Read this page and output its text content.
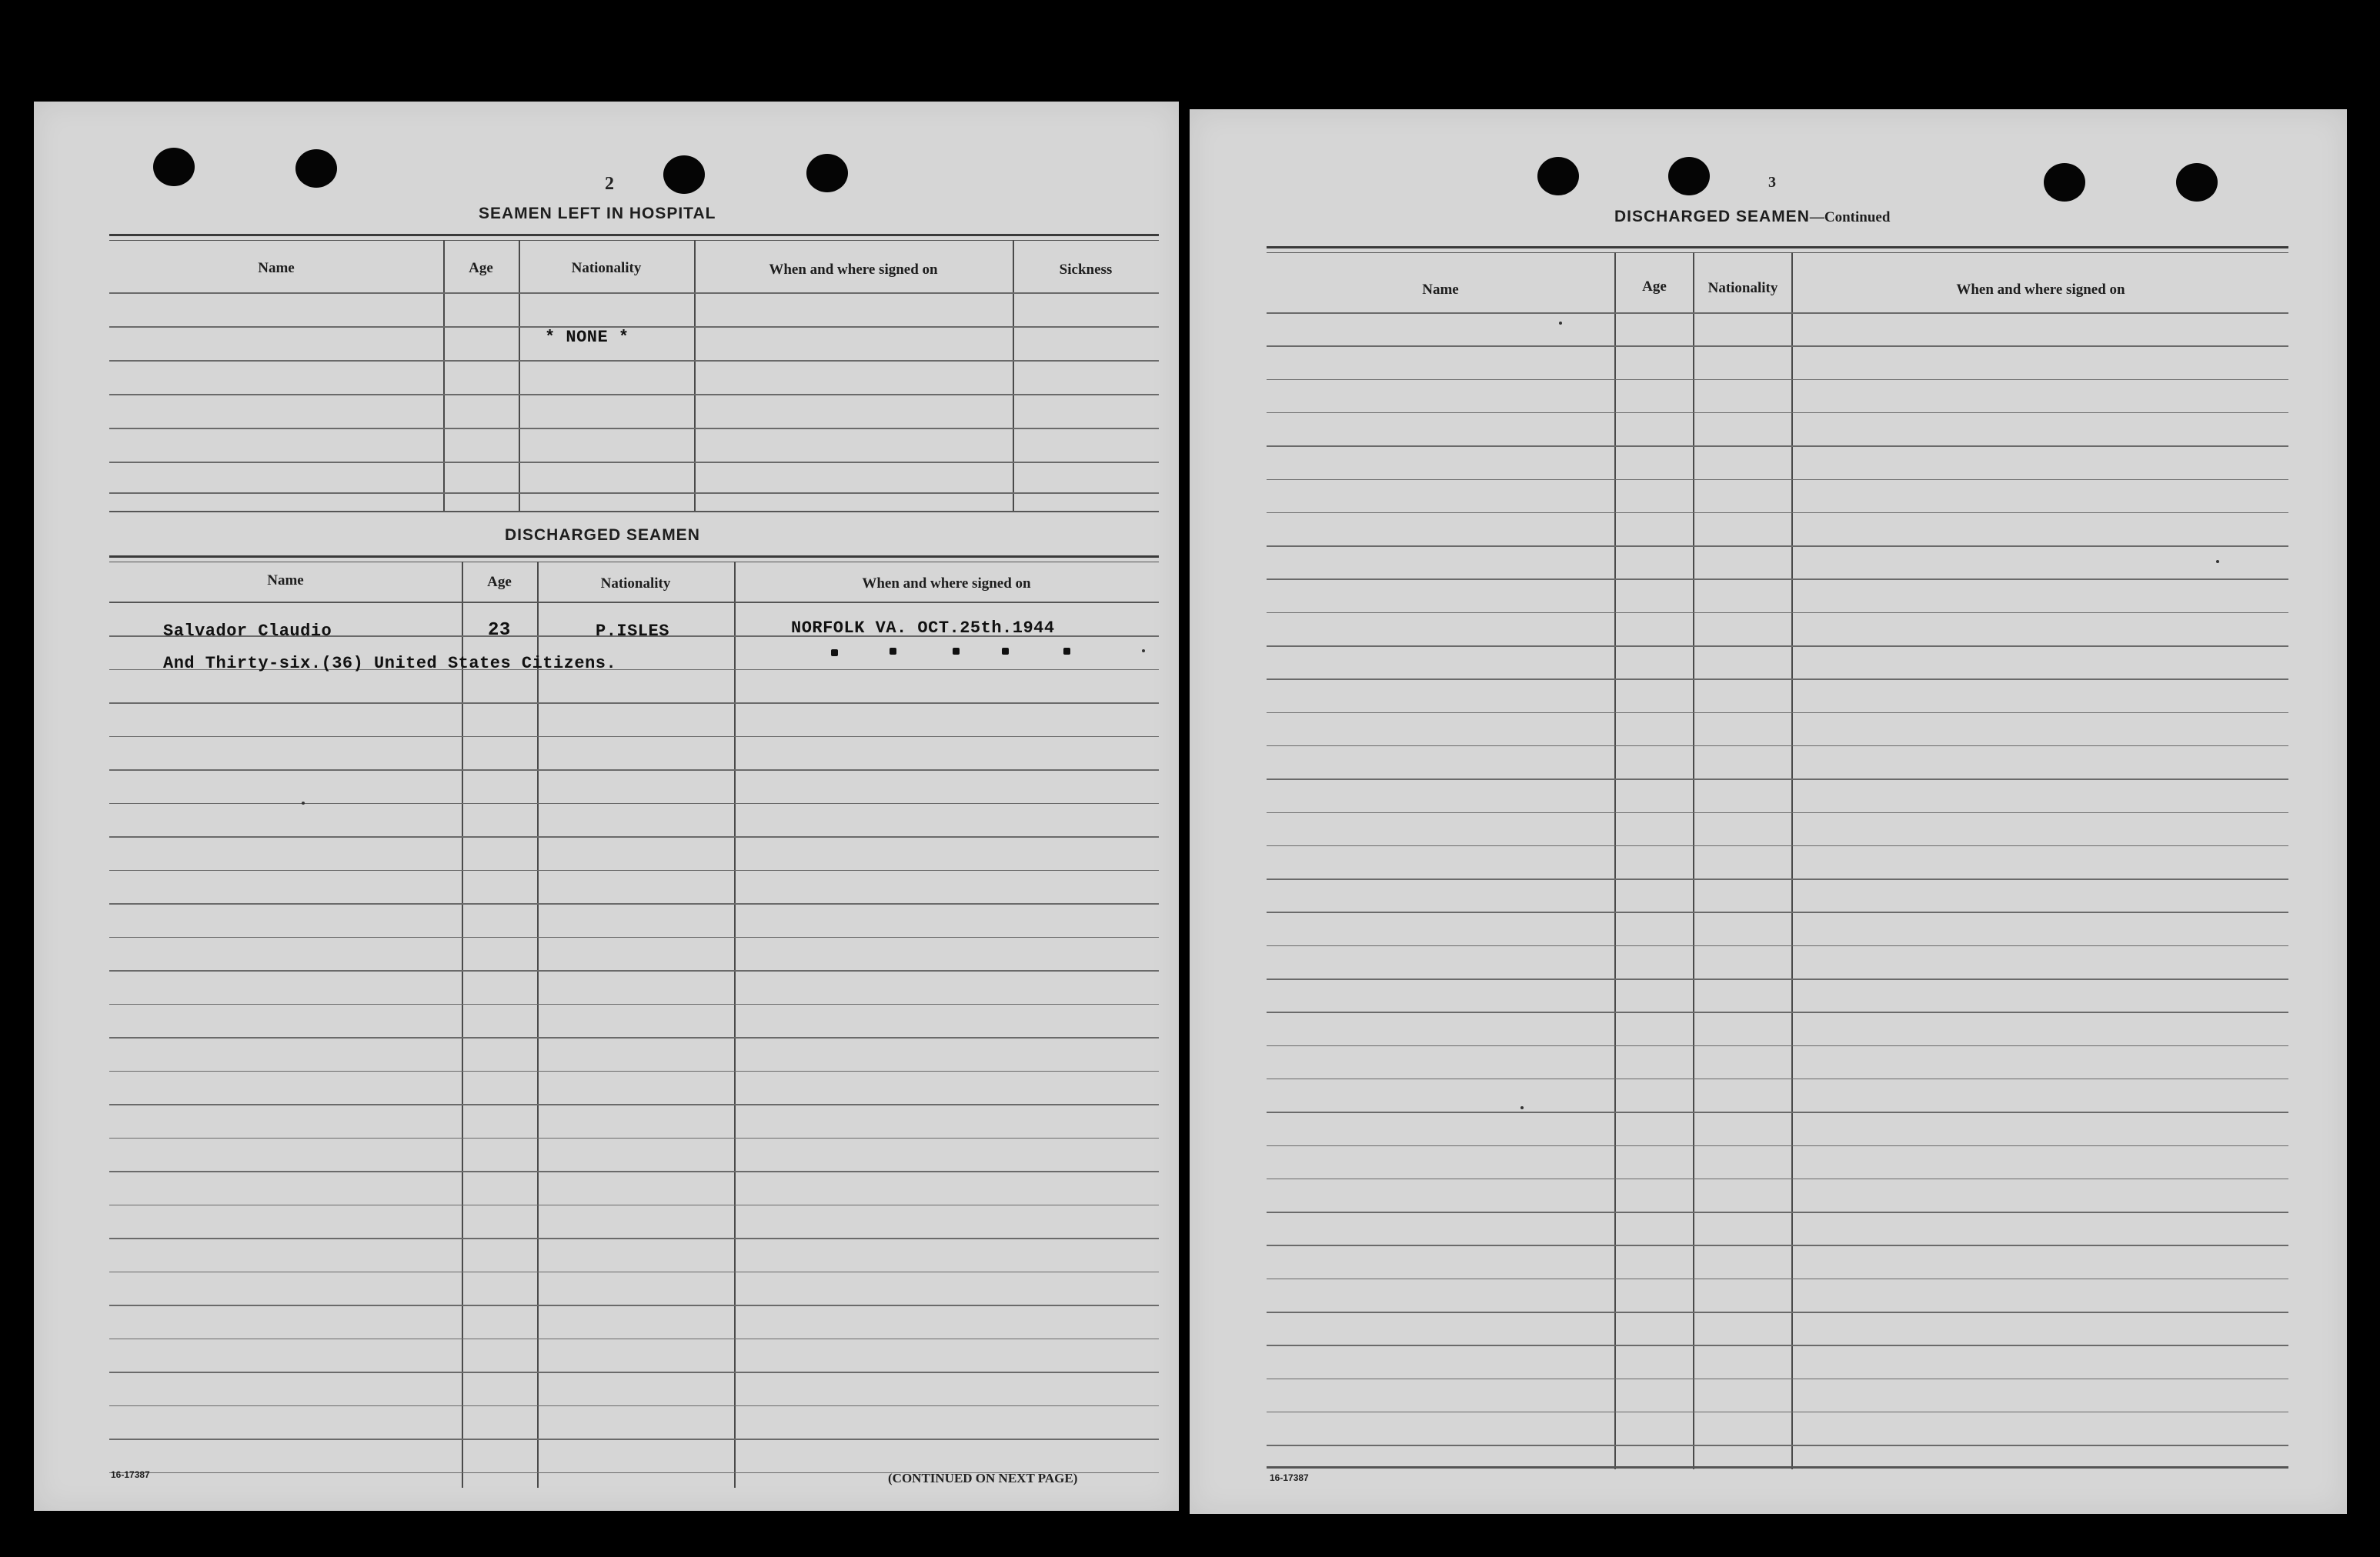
2
SEAMEN LEFT IN HOSPITAL
Name	Age	Nationality	When and where signed on	Sickness
* NONE *
DISCHARGED SEAMEN
Name	Age	Nationality	When and where signed on
Salvador Claudio	23	P.ISLES	NORFOLK VA. OCT.25th.1944
And Thirty-six.(36) United States Citizens.
16-17387	(CONTINUED ON NEXT PAGE)
3
DISCHARGED SEAMEN—Continued
Name	Age	Nationality	When and where signed on
16-17387
